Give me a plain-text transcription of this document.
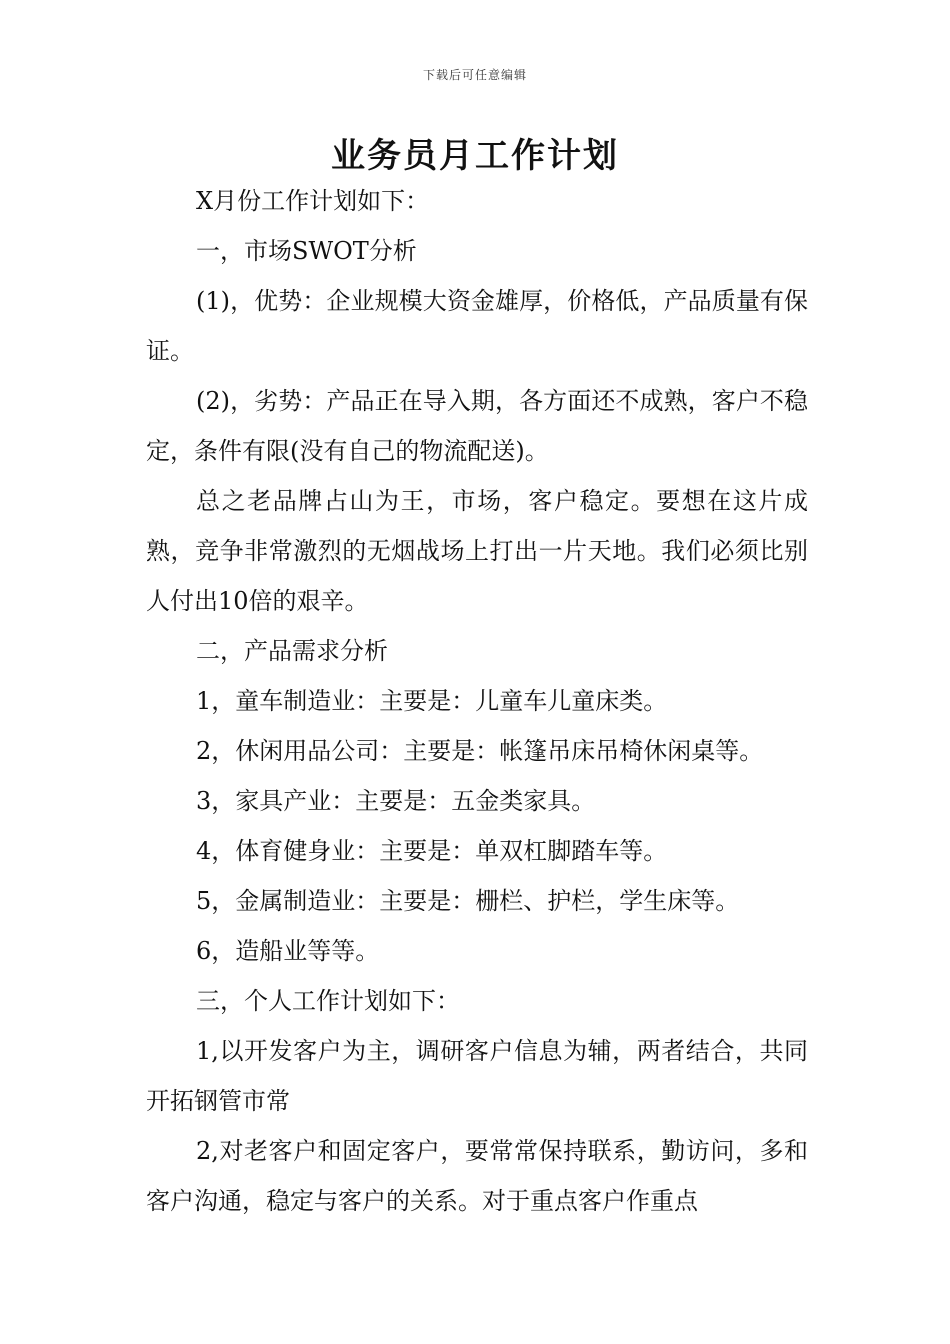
下载后可任意编辑
业务员月工作计划

X月份工作计划如下：

一，市场SWOT分析

(1)，优势：企业规模大资金雄厚，价格低，产品质量有保证。

(2)，劣势：产品正在导入期，各方面还不成熟，客户不稳定，条件有限(没有自己的物流配送)。

总之老品牌占山为王，市场，客户稳定。要想在这片成熟，竞争非常激烈的无烟战场上打出一片天地。我们必须比别人付出10倍的艰辛。

二，产品需求分析

1，童车制造业：主要是：儿童车儿童床类。

2，休闲用品公司：主要是：帐篷吊床吊椅休闲桌等。

3，家具产业：主要是：五金类家具。

4，体育健身业：主要是：单双杠脚踏车等。

5，金属制造业：主要是：栅栏、护栏，学生床等。

6，造船业等等。

三，个人工作计划如下：

1,以开发客户为主，调研客户信息为辅，两者结合，共同开拓钢管市常

2,对老客户和固定客户，要常常保持联系，勤访问，多和客户沟通，稳定与客户的关系。对于重点客户作重点
